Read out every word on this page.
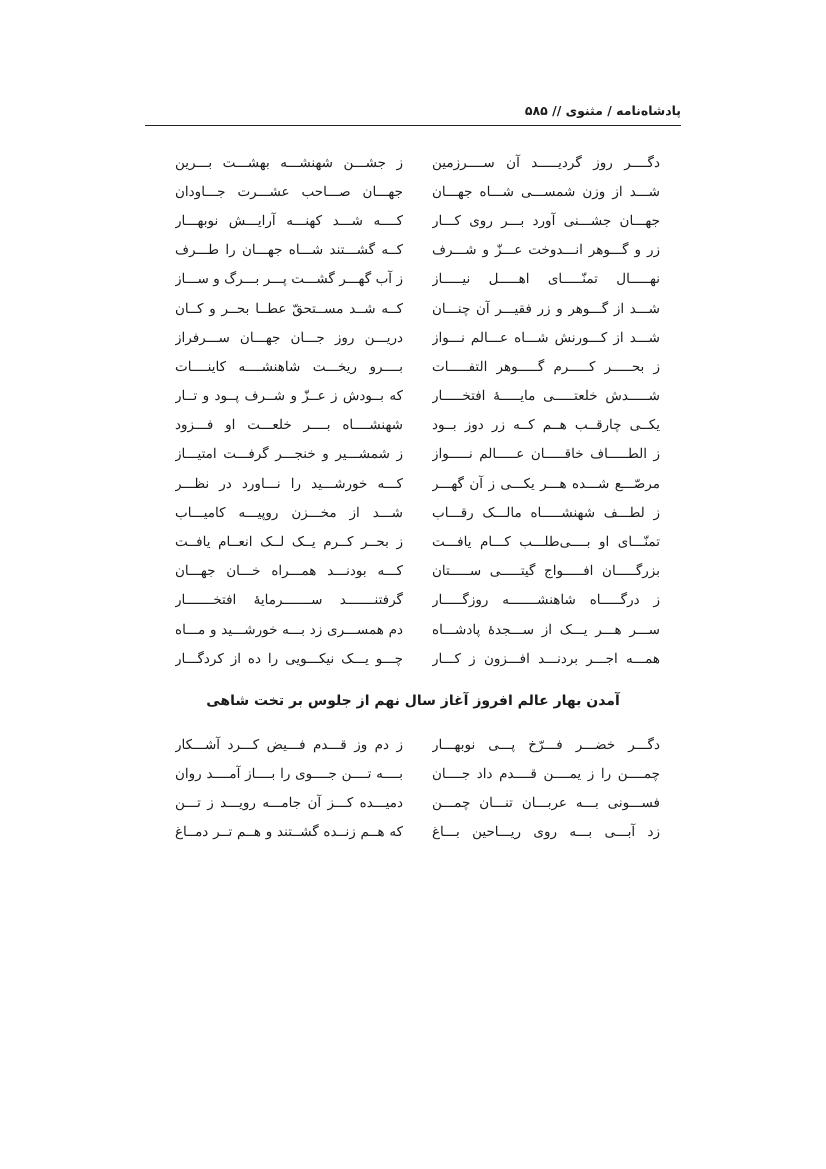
پادشاه‌نامه / مثنوی // ۵۸۵
دگــــر روز گردیـــــد آن ســــرزمین
ز جشـــن شهنشـــه بهشـــت بـــرین
شـــد از وزن شمســـی شـــاه جهـــان
جهـــان صـــاحب عشـــرت جـــاودان
جهـــان جشـــنی آورد بـــر روی کـــار
کــــه شـــد کهنـــه آرایـــش نوبهـــار
زر و گـــوهر انـــدوخت عـــزّ و شـــرف
کــه گشـــتند شـــاه جهـــان را طـــرف
نهـــــال تمنّـــــای اهـــــل نیـــــاز
ز آب گهـــر گشـــت پـــر بـــرگ و ســـاز
شـــد از گـــوهر و زر فقیـــر آن چنـــان
کــه شــد مســتحقّ عطــا بحــر و کــان
شـــد از کـــورنش شـــاه عـــالم نـــواز
دریـــن روز جـــان جهـــان ســـرفراز
ز بحـــــر کـــــرم گـــــوهر التفـــــات
بــــرو ریخـــت شاهنشــــه کاینــــات
شـــــدش خلعتـــــی مایـــــهٔ افتخـــــار
که بــودش ز عــزّ و شــرف پــود و تــار
یکــی چارقــب هــم کــه زر دوز بــود
شهنشــــاه بــــر خلعـــت او فـــزود
ز الطـــــاف خاقـــــان عـــــالم نـــــواز
ز شمشـــیر و خنجـــر گرفـــت امتیـــاز
مرصّـــع شـــده هـــر یکـــی ز آن گهـــر
کـــه خورشـــید را نـــاورد در نظـــر
ز لطـــف شهنشـــــاه مالـــک رقـــاب
شـــد از مخـــزن روپیـــه کامیـــاب
تمنّـــای او بــــی‌طلـــب کـــام یافـــت
ز بحــر کــرم یــک لــک انعــام یافــت
بزرگـــــان افـــــواج گیتـــــی ســـــتان
کـــه بودنـــد همـــراه خـــان جهـــان
ز درگـــــاه شاهنشـــــــه روزگـــــار
گرفتنـــــــد ســـــــرمایهٔ افتخـــــــار
ســـر هـــر یـــک از ســـجدهٔ پادشـــاه
دم همســـری زد بـــه خورشـــید و مـــاه
همـــه اجـــر بردنـــد افـــزون ز کـــار
چـــو یـــک نیکـــویی را ده از کردگـــار
آمدن بهار عالم افروز آغاز سال نهم از جلوس بر تخت شاهی
دگـــر خضـــر فـــرّخ پـــی نوبهـــار
ز دم وز قـــدم فـــیض کـــرد آشـــکار
چمــــن را ز یمــــن قــــدم داد جــــان
بــــه تــــن جــــوی را بــــاز آمــــد روان
فســـونی بـــه عربـــان تنـــان چمـــن
دمیـــده کـــز آن جامـــه رویـــد ز تـــن
زد آبـــی بـــه روی ریـــاحین بـــاغ
که هــم زنــده گشــتند و هــم تــر دمــاغ
